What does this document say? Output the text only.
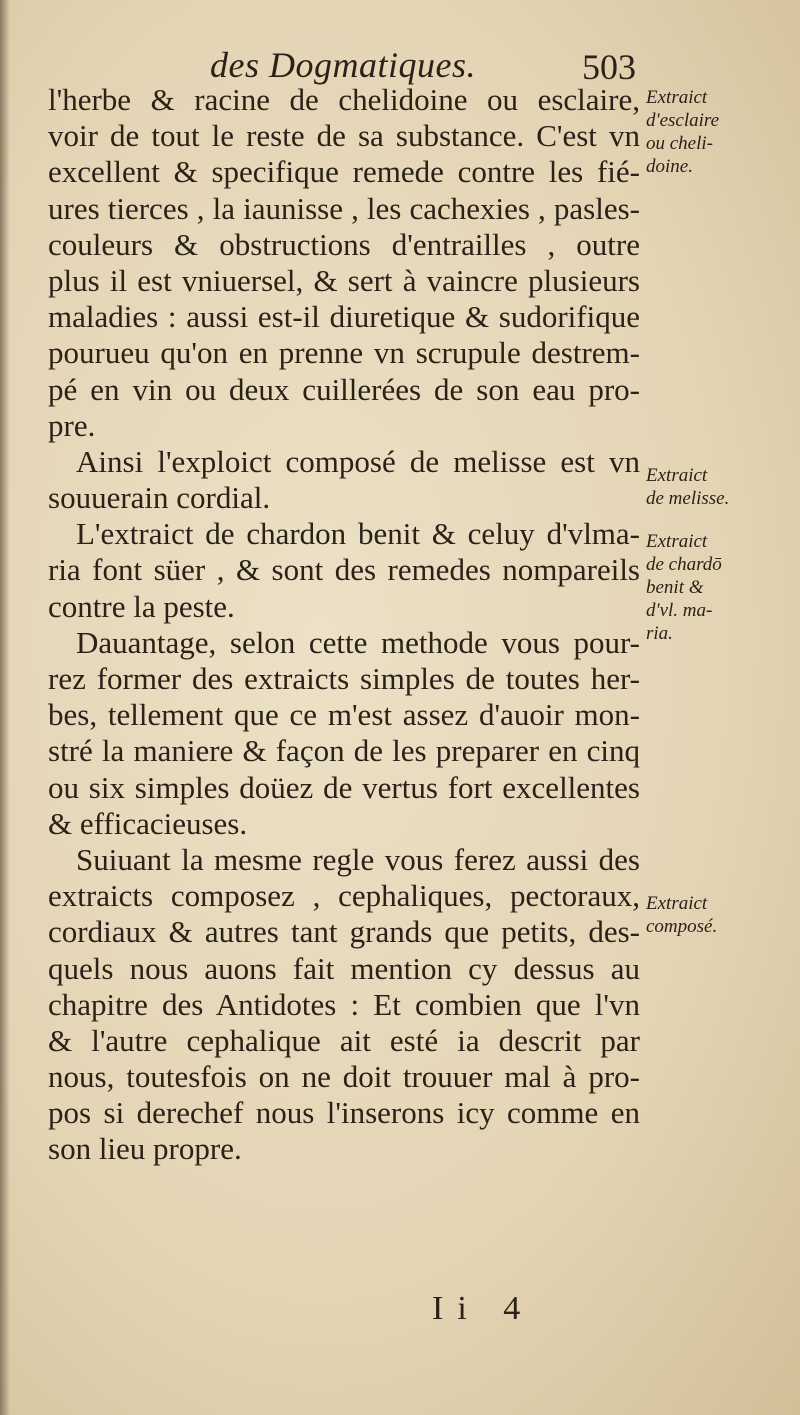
des Dogmatiques.	503
l'herbe & racine de chelidoine ou esclaire,
voir de tout le reste de sa substance. C'est vn
excellent & specifique remede contre les fié-
ures tierces , la iaunisse , les cachexies , pasles-
couleurs & obstructions d'entrailles , outre
plus il est vniuersel, & sert à vaincre plusieurs
maladies : aussi est-il diuretique & sudorifique
pourueu qu'on en prenne vn scrupule destrem-
pé en vin ou deux cuillerées de son eau pro-
pre.
Ainsi l'exploict composé de melisse est vn
souuerain cordial.
L'extraict de chardon benit & celuy d'vlma-
ria font süer , & sont des remedes nompareils
contre la peste.
Dauantage, selon cette methode vous pour-
rez former des extraicts simples de toutes her-
bes, tellement que ce m'est assez d'auoir mon-
stré la maniere & façon de les preparer en cinq
ou six simples doüez de vertus fort excellentes
& efficacieuses.
Suiuant la mesme regle vous ferez aussi des
extraicts composez , cephaliques, pectoraux,
cordiaux & autres tant grands que petits, des-
quels nous auons fait mention cy dessus au
chapitre des Antidotes : Et combien que l'vn
& l'autre cephalique ait esté ia descrit par
nous, toutesfois on ne doit trouuer mal à pro-
pos si derechef nous l'inserons icy comme en
son lieu propre.
Extraict
d'esclaire
ou cheli-
doine.
Extraict
de melisse.
Extraict
de chardō
benit &
d'vl. ma-
ria.
Extraict
composé.
Ii 4
